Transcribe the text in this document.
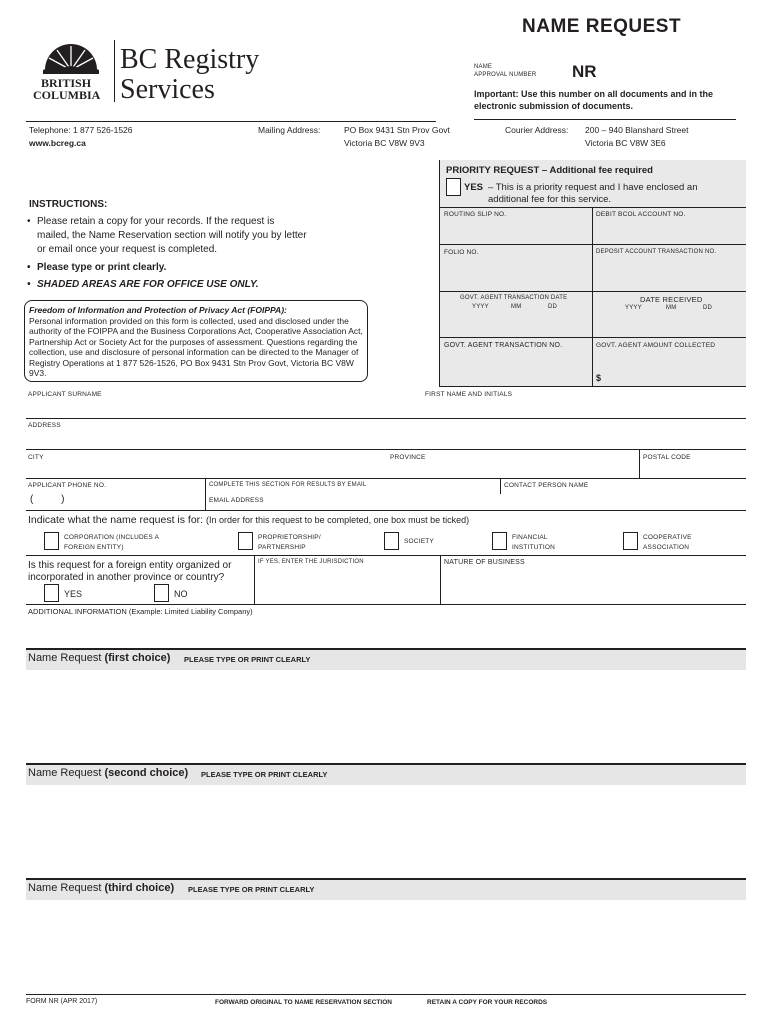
NAME REQUEST
BRITISH
COLUMBIA
BC Registry
Services
NAME
APPROVAL NUMBER NR
Important: Use this number on all documents and in the electronic submission of documents.
Telephone: 1 877 526-1526
www.bcreg.ca
Mailing Address:	PO Box 9431 Stn Prov Govt
Victoria BC V8W 9V3
Courier Address: 200 – 940 Blanshard Street
Victoria BC V8W 3E6
INSTRUCTIONS:
• Please retain a copy for your records. If the request is mailed, the Name Reservation section will notify you by letter or email once your request is completed.
• Please type or print clearly.
• SHADED AREAS ARE FOR OFFICE USE ONLY.
Freedom of Information and Protection of Privacy Act (FOIPPA):
Personal information provided on this form is collected, used and disclosed under the authority of the FOIPPA and the Business Corporations Act, Cooperative Association Act, Partnership Act or Society Act for the purposes of assessment. Questions regarding the collection, use and disclosure of personal information can be directed to the Manager of Registry Operations at 1 877 526-1526, PO Box 9431 Stn Prov Govt, Victoria BC V8W 9V3.
PRIORITY REQUEST – Additional fee required
YES – This is a priority request and I have enclosed an additional fee for this service.
ROUTING SLIP NO.	DEBIT BCOL ACCOUNT NO.
FOLIO NO.	DEPOSIT ACCOUNT TRANSACTION NO.
GOVT. AGENT TRANSACTION DATE
YYYY	MM	DD
DATE RECEIVED
YYYY	MM	DD
GOVT. AGENT TRANSACTION NO.	GOVT. AGENT AMOUNT COLLECTED
$
APPLICANT SURNAME	FIRST NAME AND INITIALS
ADDRESS
CITY	PROVINCE	POSTAL CODE
APPLICANT PHONE NO.	COMPLETE THIS SECTION FOR RESULTS BY EMAIL	CONTACT PERSON NAME
(          )	EMAIL ADDRESS
Indicate what the name request is for: (In order for this request to be completed, one box must be ticked)
CORPORATION (INCLUDES A FOREIGN ENTITY)
PROPRIETORSHIP/ PARTNERSHIP
SOCIETY
FINANCIAL INSTITUTION
COOPERATIVE ASSOCIATION
Is this request for a foreign entity organized or incorporated in another province or country?
IF YES, ENTER THE JURISDICTION	NATURE OF BUSINESS
YES	NO
ADDITIONAL INFORMATION (Example: Limited Liability Company)
Name Request (first choice) PLEASE TYPE OR PRINT CLEARLY
Name Request (second choice) PLEASE TYPE OR PRINT CLEARLY
Name Request (third choice) PLEASE TYPE OR PRINT CLEARLY
FORM NR (APR 2017)	FORWARD ORIGINAL TO NAME RESERVATION SECTION	RETAIN A COPY FOR YOUR RECORDS
